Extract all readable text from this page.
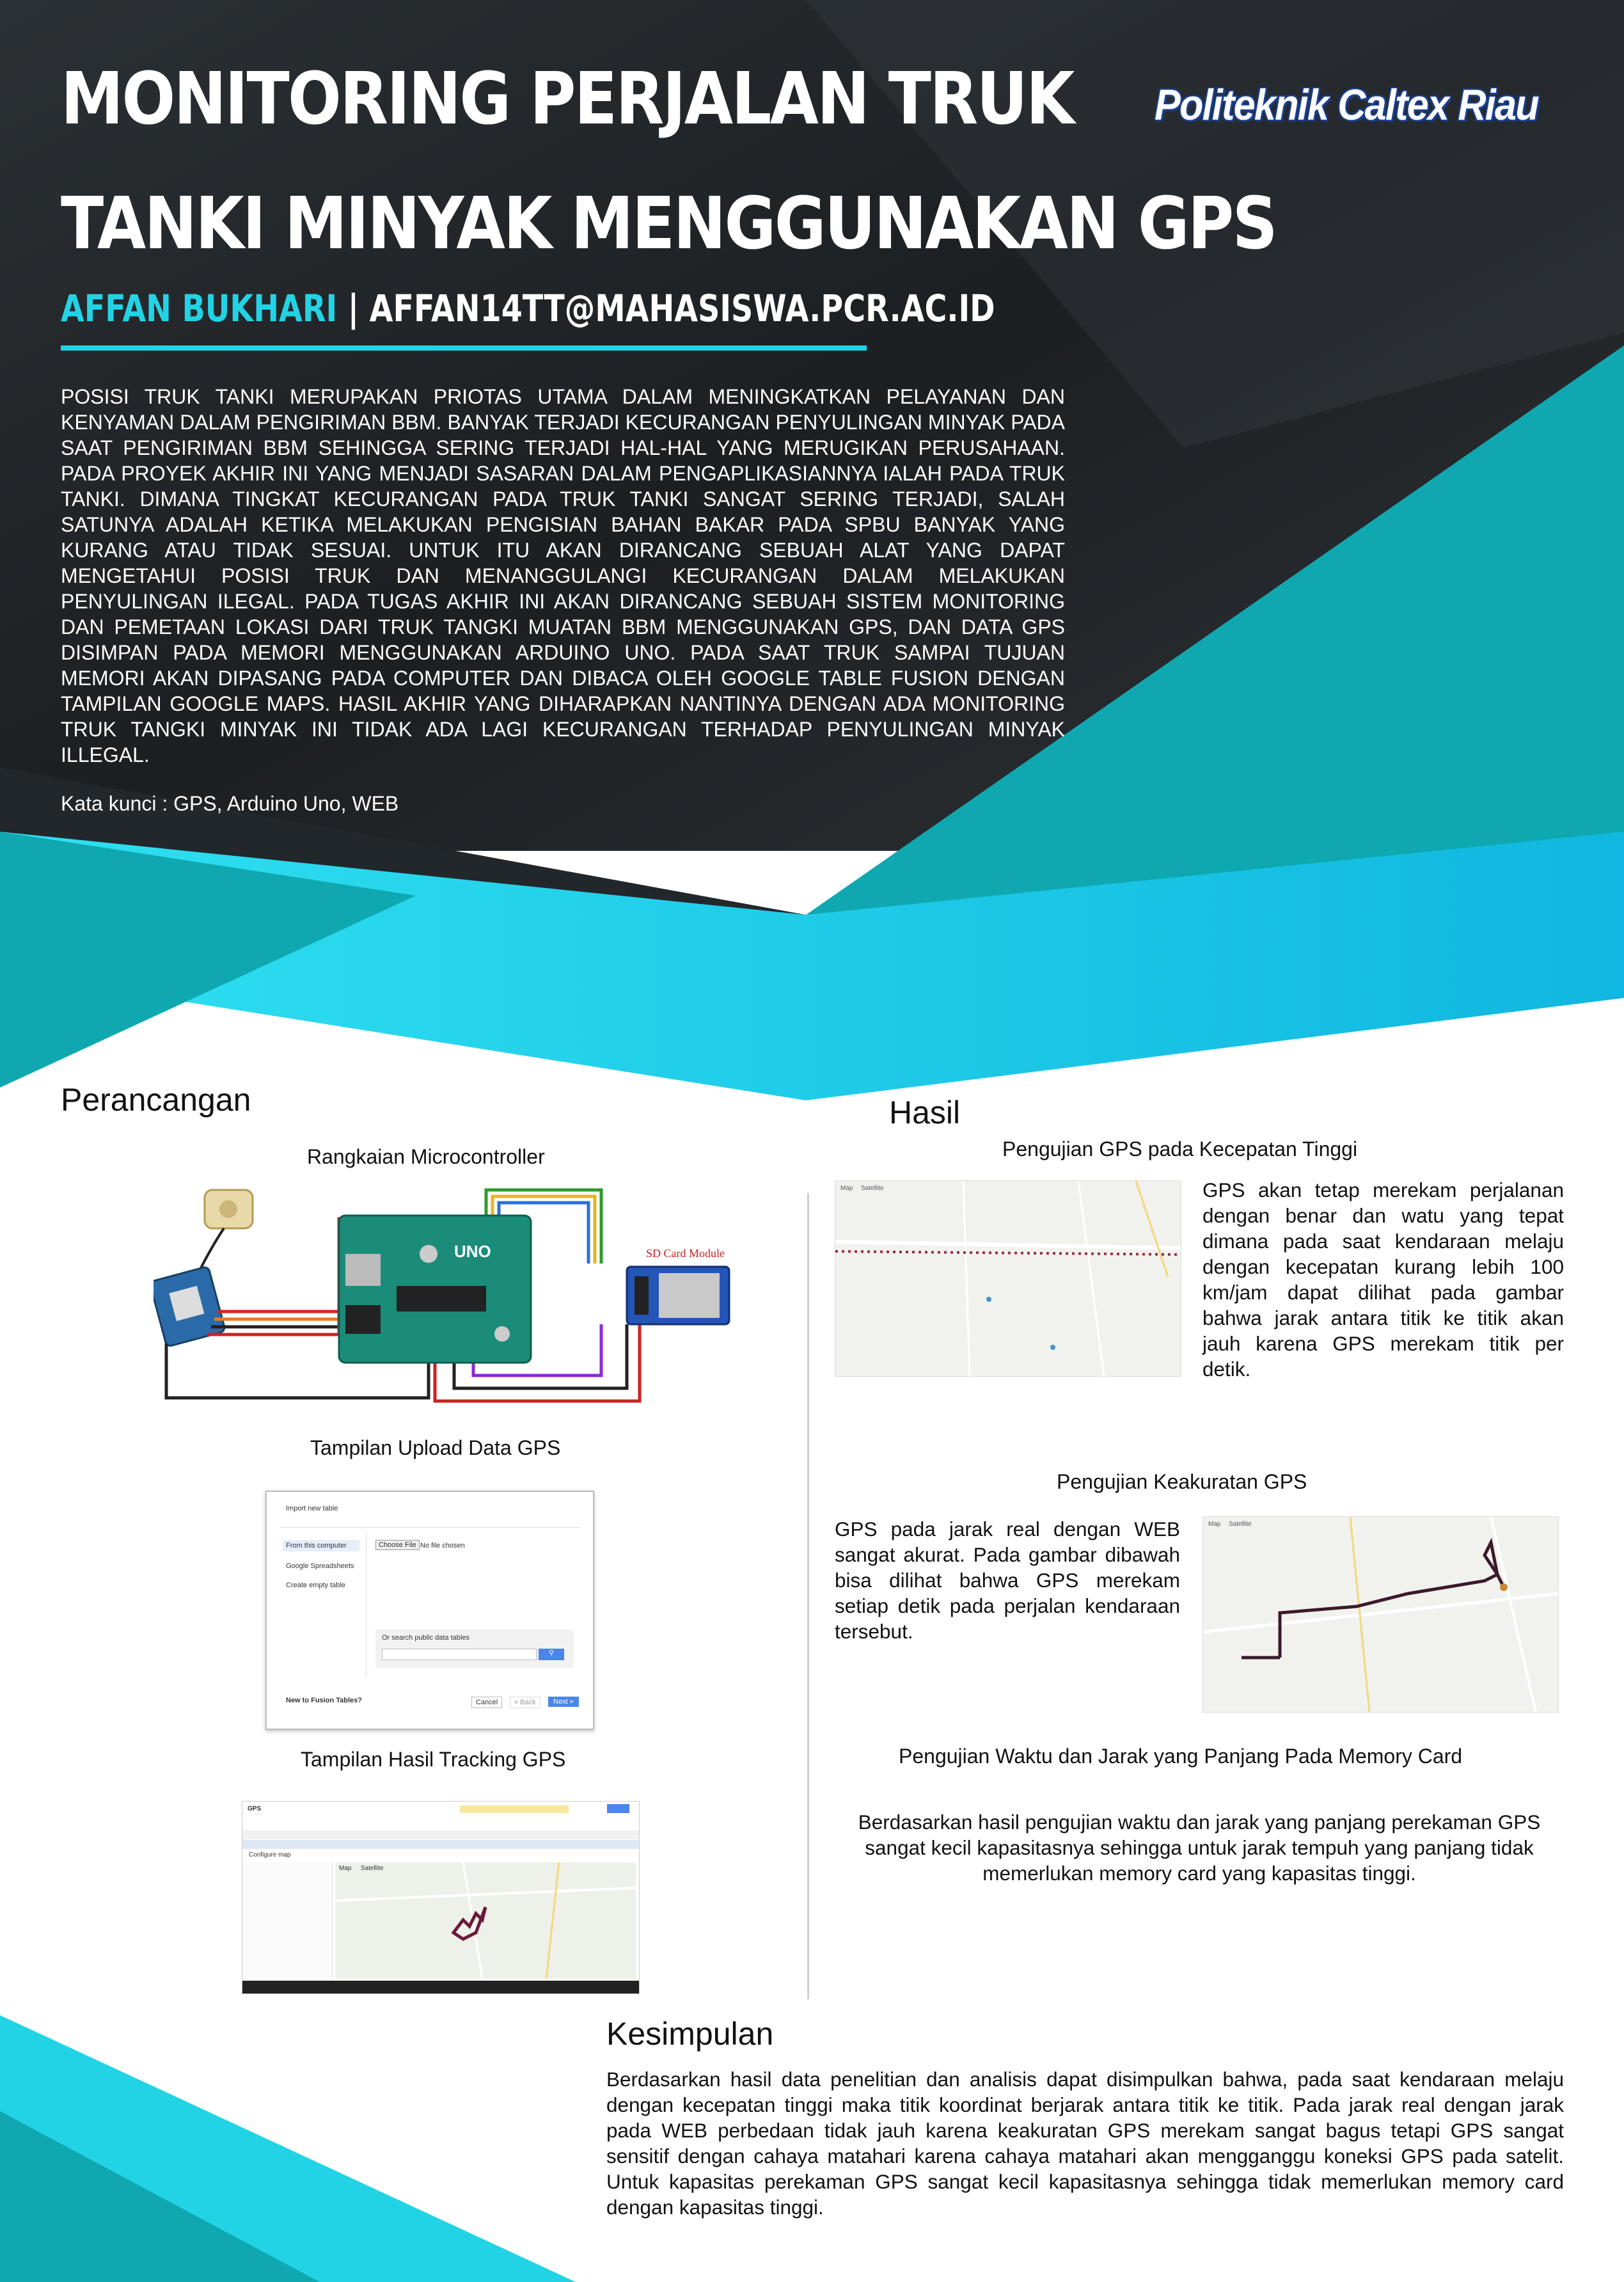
MONITORING PERJALAN TRUK
TANKI MINYAK MENGGUNAKAN GPS
AFFAN BUKHARI | AFFAN14TT@MAHASISWA.PCR.AC.ID
Politeknik Caltex Riau
POSISI TRUK TANKI MERUPAKAN PRIOTAS UTAMA DALAM MENINGKATKAN PELAYANAN DAN KENYAMAN DALAM PENGIRIMAN BBM. BANYAK TERJADI KECURANGAN PENYULINGAN MINYAK PADA SAAT PENGIRIMAN BBM SEHINGGA SERING TERJADI HAL-HAL YANG MERUGIKAN PERUSAHAAN. PADA PROYEK AKHIR INI YANG MENJADI SASARAN DALAM PENGAPLIKASIANNYA IALAH PADA TRUK TANKI. DIMANA TINGKAT KECURANGAN PADA TRUK TANKI SANGAT SERING TERJADI, SALAH SATUNYA ADALAH KETIKA MELAKUKAN PENGISIAN BAHAN BAKAR PADA SPBU BANYAK YANG KURANG ATAU TIDAK SESUAI. UNTUK ITU AKAN DIRANCANG SEBUAH ALAT YANG DAPAT MENGETAHUI POSISI TRUK DAN MENANGGULANGI KECURANGAN DALAM MELAKUKAN PENYULINGAN ILEGAL. PADA TUGAS AKHIR INI AKAN DIRANCANG SEBUAH SISTEM MONITORING DAN PEMETAAN LOKASI DARI TRUK TANGKI MUATAN BBM MENGGUNAKAN GPS, DAN DATA GPS DISIMPAN PADA MEMORI MENGGUNAKAN ARDUINO UNO. PADA SAAT TRUK SAMPAI TUJUAN MEMORI AKAN DIPASANG PADA COMPUTER DAN DIBACA OLEH GOOGLE TABLE FUSION DENGAN TAMPILAN GOOGLE MAPS. HASIL AKHIR YANG DIHARAPKAN NANTINYA DENGAN ADA MONITORING TRUK TANGKI MINYAK INI TIDAK ADA LAGI KECURANGAN TERHADAP PENYULINGAN MINYAK ILLEGAL.
Kata kunci : GPS, Arduino Uno, WEB
Perancangan
Rangkaian Microcontroller
UNO	SD Card Module
Tampilan Upload Data GPS
Import new table
From this computer
Google Spreadsheets
Create empty table
Choose File No file chosen
Or search public data tables
⚲
New to Fusion Tables?	Cancel	« Back	Next »
Tampilan Hasil Tracking GPS
GPS
Configure map
Map Satellite
Hasil
Pengujian GPS pada Kecepatan Tinggi
Map Satellite	GPS akan tetap merekam perjalanan dengan benar dan watu yang tepat dimana pada saat kendaraan melaju dengan kecepatan kurang lebih 100 km/jam dapat dilihat pada gambar bahwa jarak antara titik ke titik akan jauh karena GPS merekam titik per detik.
Pengujian Keakuratan GPS
GPS pada jarak real dengan WEB sangat akurat. Pada gambar dibawah bisa dilihat bahwa GPS merekam setiap detik pada perjalan kendaraan tersebut.
Map Satellite
Pengujian Waktu dan Jarak yang Panjang Pada Memory Card
Berdasarkan hasil pengujian waktu dan jarak yang panjang perekaman GPS sangat kecil kapasitasnya sehingga untuk jarak tempuh yang panjang tidak memerlukan memory card yang kapasitas tinggi.
Kesimpulan
Berdasarkan hasil data penelitian dan analisis dapat disimpulkan bahwa, pada saat kendaraan melaju dengan kecepatan tinggi maka titik koordinat berjarak antara titik ke titik. Pada jarak real dengan jarak pada WEB perbedaan tidak jauh karena keakuratan GPS merekam sangat bagus tetapi GPS sangat sensitif dengan cahaya matahari karena cahaya matahari akan mengganggu koneksi GPS pada satelit. Untuk kapasitas perekaman GPS sangat kecil kapasitasnya sehingga tidak memerlukan memory card dengan kapasitas tinggi.
